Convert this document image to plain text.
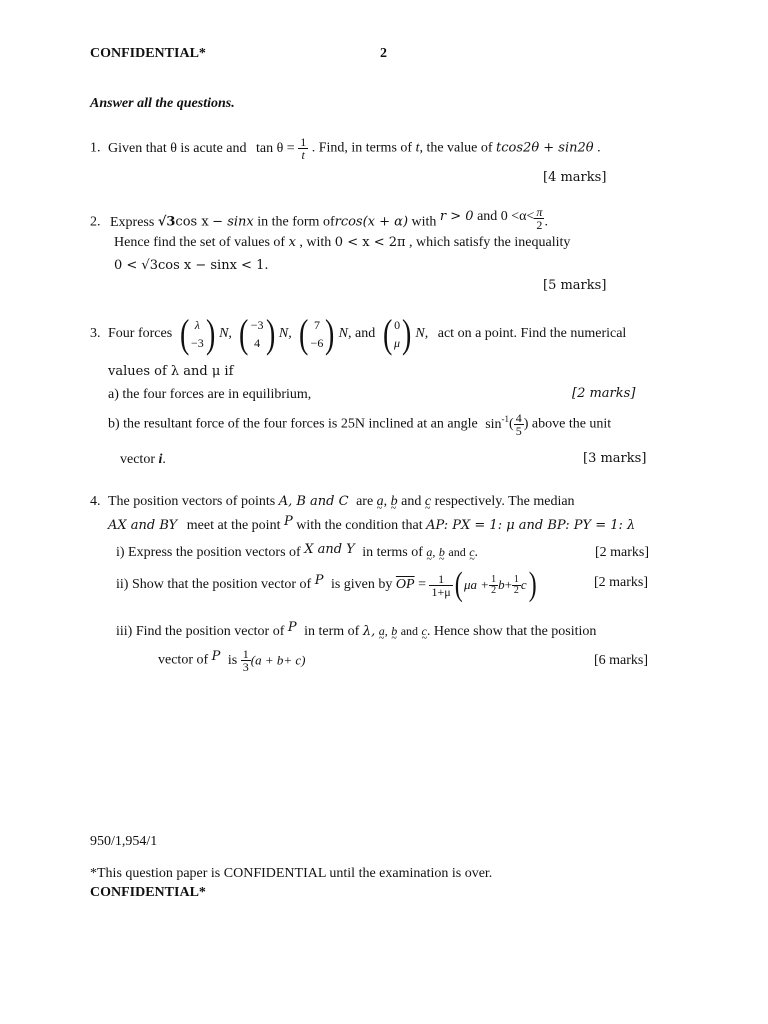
CONFIDENTIAL*	2
Answer all the questions.
1. Given that θ is acute and $\tan \theta = \frac{1}{t}$ . Find, in terms of t, the value of tcos2θ + sin2θ .
[4 marks]
2. Express √3cos x − sinx in the form ofrcos(x + α) with r > 0 and $0 <\alpha< \frac{\pi}{2}$ .
Hence find the set of values of x , with 0 < x < 2π , which satisfy the inequality
0 < √3cos x − sinx < 1.
[5 marks]
3. Four forces ( λ
−3 ) N, ( −3
4 ) N, ( 7
−6 ) N, and ( 0
μ ) N, act on a point. Find the numerical
values of λ and μ if
a) the four forces are in equilibrium,	[2 marks]
b) the resultant force of the four forces is 25N inclined at an angle $\sin^{-1}( \frac{4}{5}$ ) above the unit
vector i.	[3 marks]
4. The position vectors of points A, B and C are a ~, b ~ and c ~ respectively. The median
AX and BY meet at the point P with the condition that AP: PX = 1: μ and BP: PY = 1: λ
i) Express the position vectors of X and Y in terms of a ~, b ~ and c ~.	[2 marks]
ii) Show that the position vector of P is given by $\overline{OP} = \frac{1}{1+\mu}$ ( $\mu a + \frac{1}{2} b+ \frac{1}{2} c$)	[2 marks]
iii) Find the position vector of P in term of λ, a ~, b ~ and c ~. Hence show that the position
vector of P is $\frac{1}{3} (a + b+ c)$	[6 marks]
950/1,954/1
*This question paper is CONFIDENTIAL until the examination is over.
CONFIDENTIAL*
